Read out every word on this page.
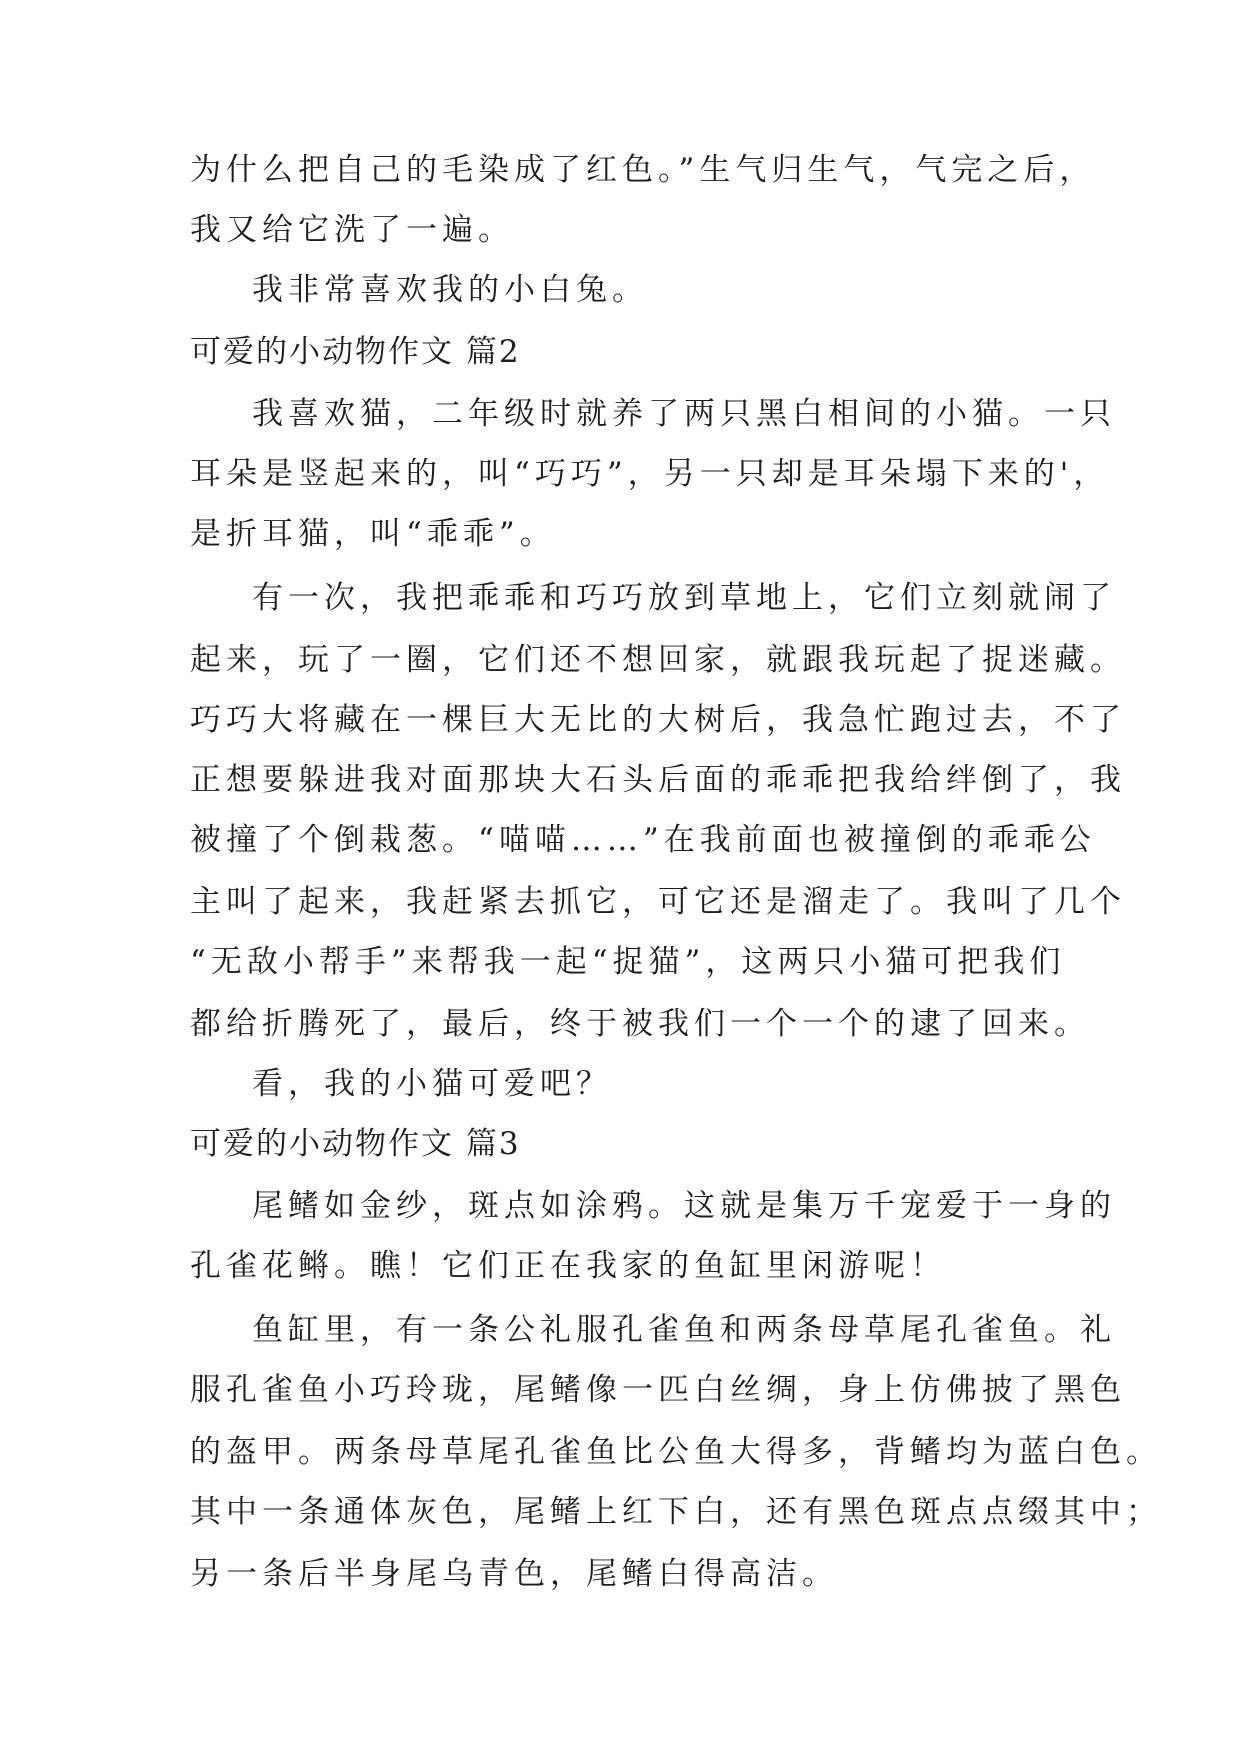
为什么把自己的毛染成了红色。”生气归生气，气完之后，
我又给它洗了一遍。
我非常喜欢我的小白兔。
可爱的小动物作文 篇2
我喜欢猫，二年级时就养了两只黑白相间的小猫。一只
耳朵是竖起来的，叫“巧巧”，另一只却是耳朵塌下来的'，
是折耳猫，叫“乖乖”。
有一次，我把乖乖和巧巧放到草地上，它们立刻就闹了
起来，玩了一圈，它们还不想回家，就跟我玩起了捉迷藏。
巧巧大将藏在一棵巨大无比的大树后，我急忙跑过去，不了
正想要躲进我对面那块大石头后面的乖乖把我给绊倒了，我
被撞了个倒栽葱。“喵喵……”在我前面也被撞倒的乖乖公
主叫了起来，我赶紧去抓它，可它还是溜走了。我叫了几个
“无敌小帮手”来帮我一起“捉猫”，这两只小猫可把我们
都给折腾死了，最后，终于被我们一个一个的逮了回来。
看，我的小猫可爱吧？
可爱的小动物作文 篇3
尾鳍如金纱，斑点如涂鸦。这就是集万千宠爱于一身的
孔雀花鳉。瞧！它们正在我家的鱼缸里闲游呢！
鱼缸里，有一条公礼服孔雀鱼和两条母草尾孔雀鱼。礼
服孔雀鱼小巧玲珑，尾鳍像一匹白丝绸，身上仿佛披了黑色
的盔甲。两条母草尾孔雀鱼比公鱼大得多，背鳍均为蓝白色。
其中一条通体灰色，尾鳍上红下白，还有黑色斑点点缀其中；
另一条后半身尾乌青色，尾鳍白得高洁。
